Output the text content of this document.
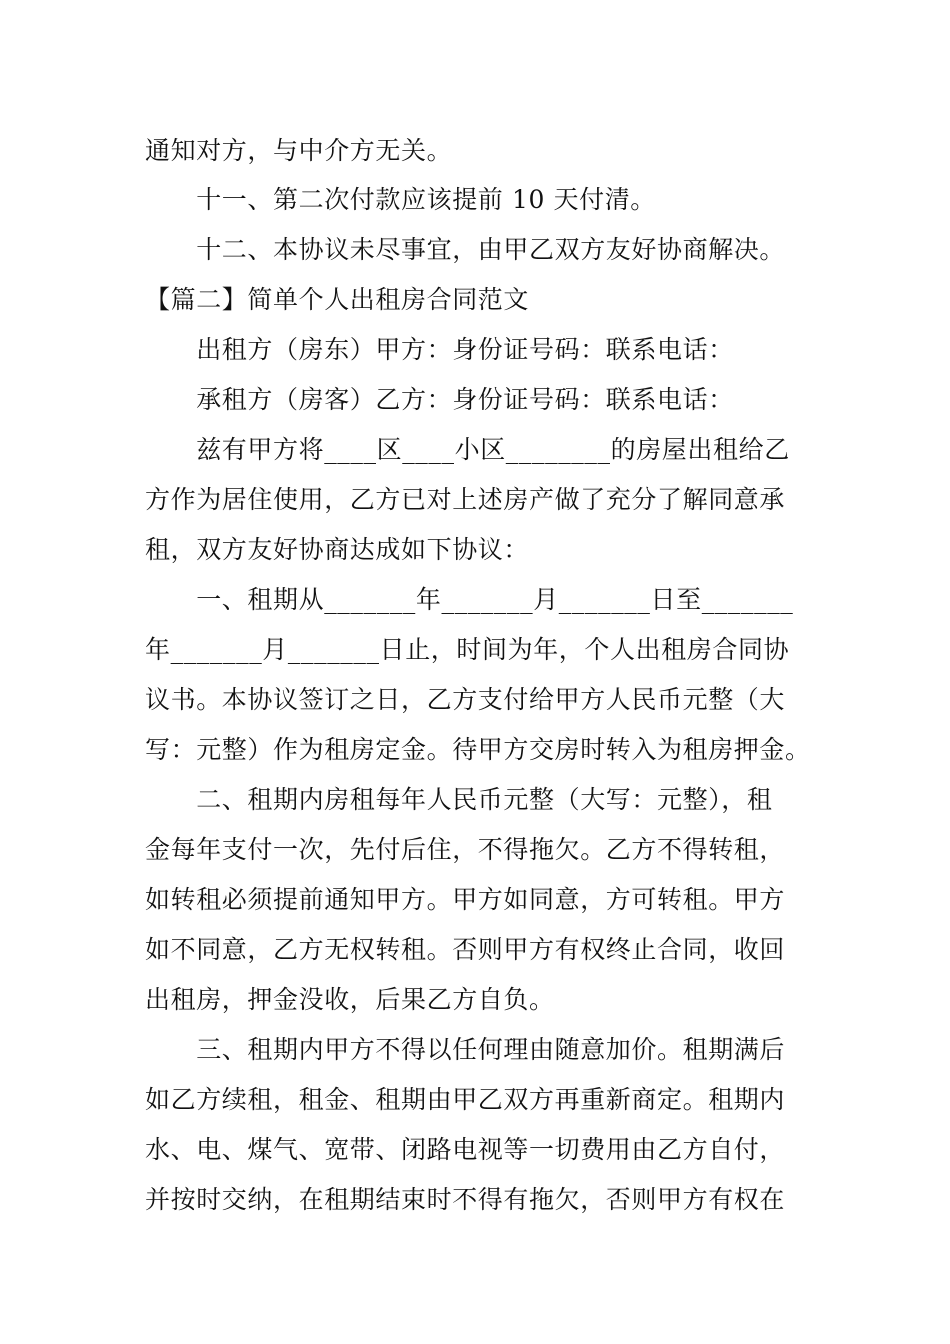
通知对方，与中介方无关。
　　十一、第二次付款应该提前 10 天付清。
　　十二、本协议未尽事宜，由甲乙双方友好协商解决。
【篇二】简单个人出租房合同范文
　　出租方（房东）甲方：身份证号码：联系电话：
　　承租方（房客）乙方：身份证号码：联系电话：
　　兹有甲方将____区____小区________的房屋出租给乙
方作为居住使用，乙方已对上述房产做了充分了解同意承
租，双方友好协商达成如下协议：
　　一、租期从_______年_______月_______日至_______
年_______月_______日止，时间为年，个人出租房合同协
议书。本协议签订之日，乙方支付给甲方人民币元整（大
写：元整）作为租房定金。待甲方交房时转入为租房押金。
　　二、租期内房租每年人民币元整（大写：元整），租
金每年支付一次，先付后住，不得拖欠。乙方不得转租，
如转租必须提前通知甲方。甲方如同意，方可转租。甲方
如不同意，乙方无权转租。否则甲方有权终止合同，收回
出租房，押金没收，后果乙方自负。
　　三、租期内甲方不得以任何理由随意加价。租期满后
如乙方续租，租金、租期由甲乙双方再重新商定。租期内
水、电、煤气、宽带、闭路电视等一切费用由乙方自付，
并按时交纳，在租期结束时不得有拖欠，否则甲方有权在
